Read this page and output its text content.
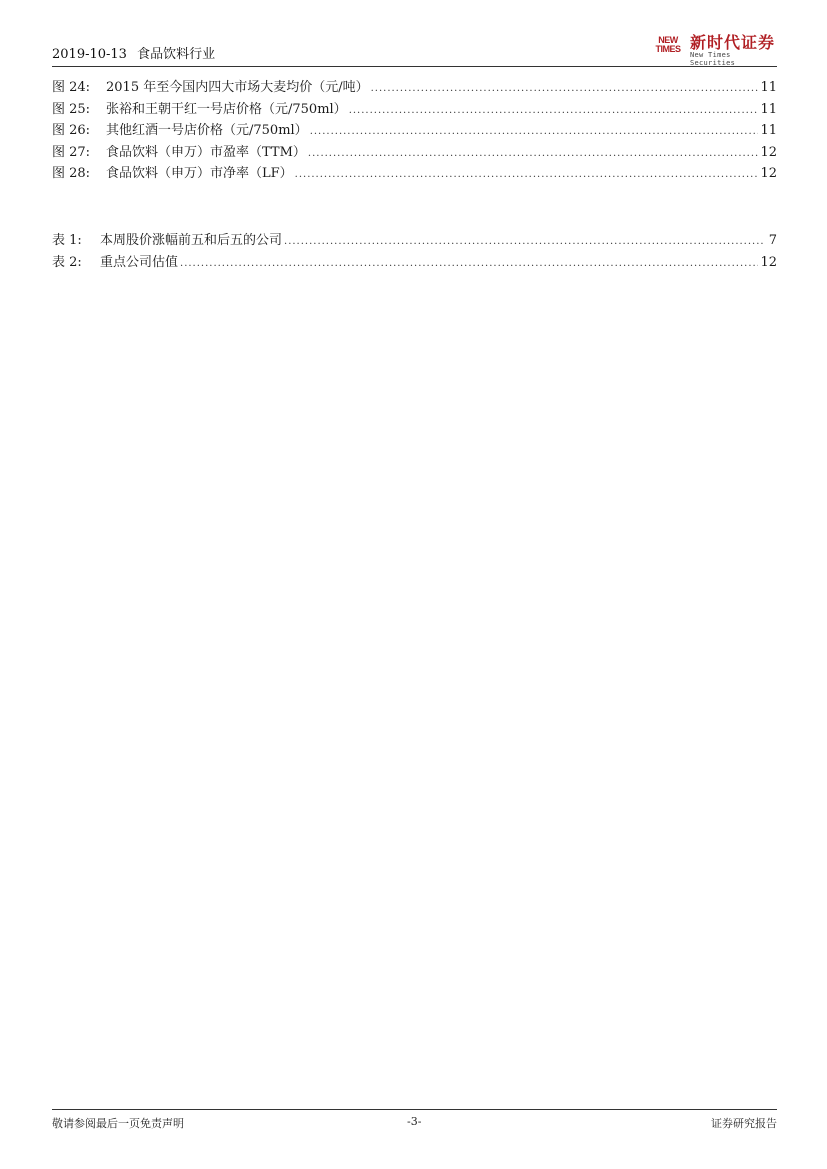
2019-10-13 食品饮料行业
NEW
TIMES 新时代证券
New Times Securities
图 24:	2015 年至今国内四大市场大麦均价（元/吨） .....	11
图 25:	张裕和王朝干红一号店价格（元/750ml） .....	11
图 26:	其他红酒一号店价格（元/750ml） .....	11
图 27:	食品饮料（申万）市盈率（TTM） .....	12
图 28:	食品饮料（申万）市净率（LF） .....	12
表 1:	本周股价涨幅前五和后五的公司 .....	7
表 2:	重点公司估值 .....	12
敬请参阅最后一页免责声明	-3-	证券研究报告
